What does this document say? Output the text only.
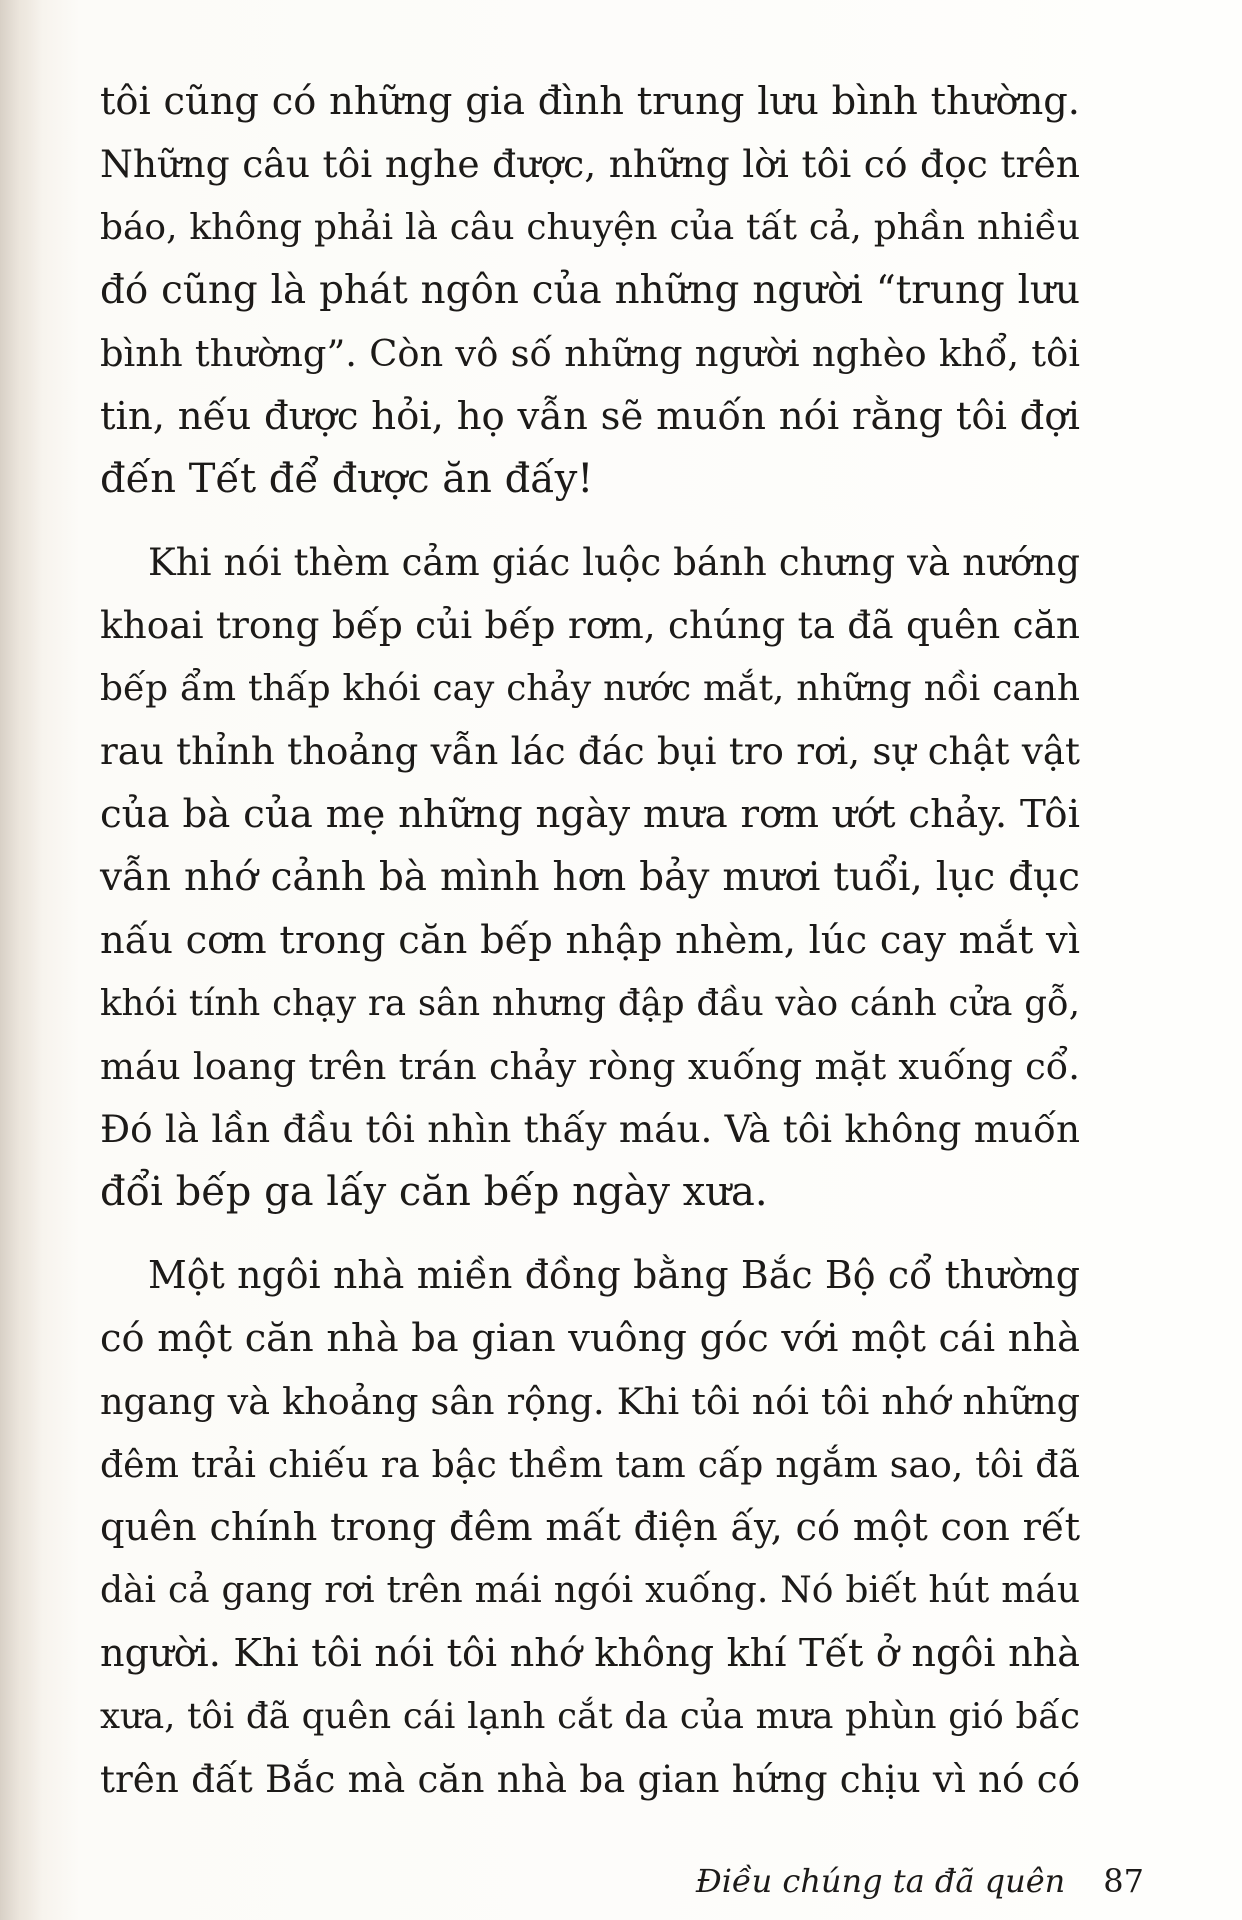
tôi cũng có những gia đình trung lưu bình thường.
Những câu tôi nghe được, những lời tôi có đọc trên
báo, không phải là câu chuyện của tất cả, phần nhiều
đó cũng là phát ngôn của những người “trung lưu
bình thường”. Còn vô số những người nghèo khổ, tôi
tin, nếu được hỏi, họ vẫn sẽ muốn nói rằng tôi đợi
đến Tết để được ăn đấy!
Khi nói thèm cảm giác luộc bánh chưng và nướng
khoai trong bếp củi bếp rơm, chúng ta đã quên căn
bếp ẩm thấp khói cay chảy nước mắt, những nồi canh
rau thỉnh thoảng vẫn lác đác bụi tro rơi, sự chật vật
của bà của mẹ những ngày mưa rơm ướt chảy. Tôi
vẫn nhớ cảnh bà mình hơn bảy mươi tuổi, lục đục
nấu cơm trong căn bếp nhập nhèm, lúc cay mắt vì
khói tính chạy ra sân nhưng đập đầu vào cánh cửa gỗ,
máu loang trên trán chảy ròng xuống mặt xuống cổ.
Đó là lần đầu tôi nhìn thấy máu. Và tôi không muốn
đổi bếp ga lấy căn bếp ngày xưa.
Một ngôi nhà miền đồng bằng Bắc Bộ cổ thường
có một căn nhà ba gian vuông góc với một cái nhà
ngang và khoảng sân rộng. Khi tôi nói tôi nhớ những
đêm trải chiếu ra bậc thềm tam cấp ngắm sao, tôi đã
quên chính trong đêm mất điện ấy, có một con rết
dài cả gang rơi trên mái ngói xuống. Nó biết hút máu
người. Khi tôi nói tôi nhớ không khí Tết ở ngôi nhà
xưa, tôi đã quên cái lạnh cắt da của mưa phùn gió bấc
trên đất Bắc mà căn nhà ba gian hứng chịu vì nó có
Điều chúng ta đã quên 87
